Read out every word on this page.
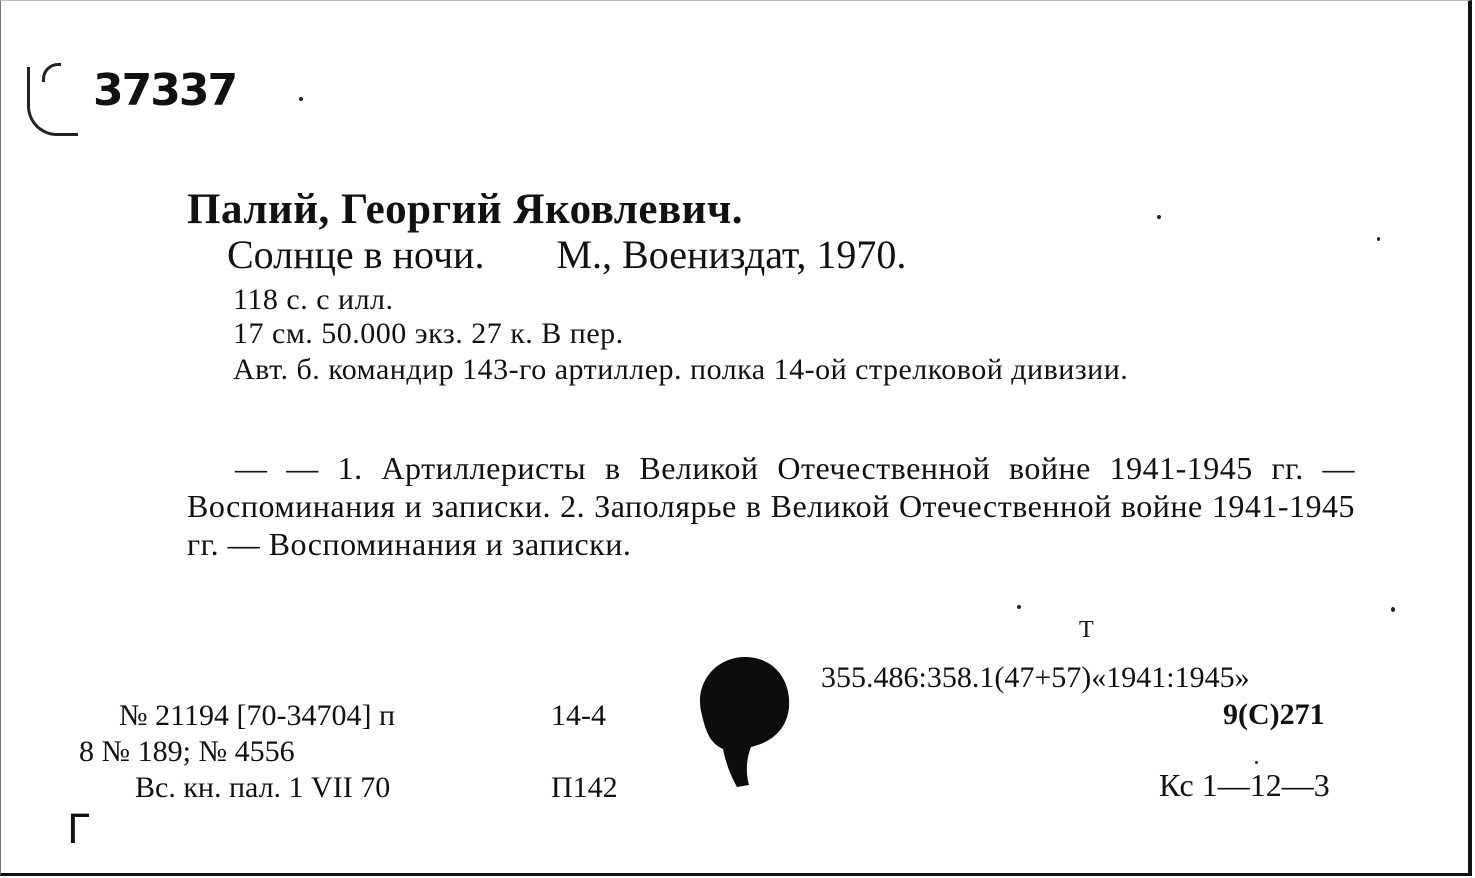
37337
Палий, Георгий Яковлевич.
Солнце в ночи. М., Воениздат, 1970.
118 с. с илл.
17 см. 50.000 экз. 27 к. В пер.
Авт. б. командир 143-го артиллер. полка 14-ой стрелковой дивизии.
— — 1. Артиллеристы в Великой Отечественной войне 1941-1945 гг. — Воспоминания и записки. 2. Заполярье в Великой Отечественной войне 1941-1945 гг. — Воспоминания и записки.
Т
355.486:358.1(47+57)«1941:1945»
9(С)271
Кс 1—12—3
№ 21194 [70-34704] п	14-4
8 № 189; № 4556
Вс. кн. пал. 1 VII 70	П142
Г
